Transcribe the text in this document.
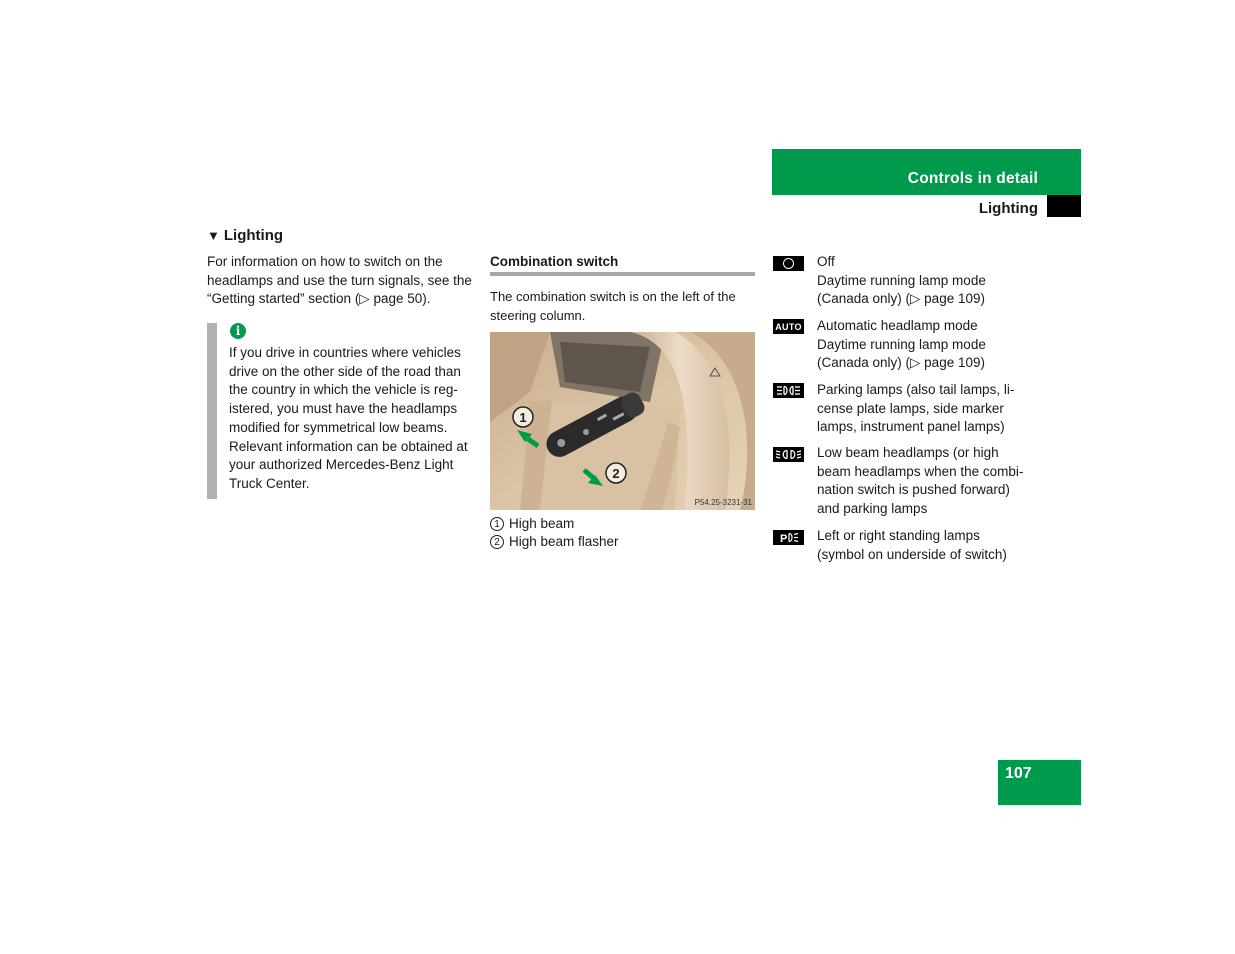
Controls in detail
Lighting
▼ Lighting
For information on how to switch on the headlamps and use the turn signals, see the “Getting started” section (▷ page 50).
i
If you drive in countries where vehicles drive on the other side of the road than the country in which the vehicle is reg-istered, you must have the headlamps modified for symmetrical low beams. Relevant information can be obtained at your authorized Mercedes-Benz Light Truck Center.
Combination switch
The combination switch is on the left of the steering column.
1
2
P54.25-3231-31
1 High beam
2 High beam flasher
Off
Daytime running lamp mode
(Canada only) (▷ page 109)
AUTO Automatic headlamp mode
Daytime running lamp mode
(Canada only) (▷ page 109)
Parking lamps (also tail lamps, li-
cense plate lamps, side marker
lamps, instrument panel lamps)
Low beam headlamps (or high
beam headlamps when the combi-
nation switch is pushed forward)
and parking lamps
P Left or right standing lamps
(symbol on underside of switch)
107
